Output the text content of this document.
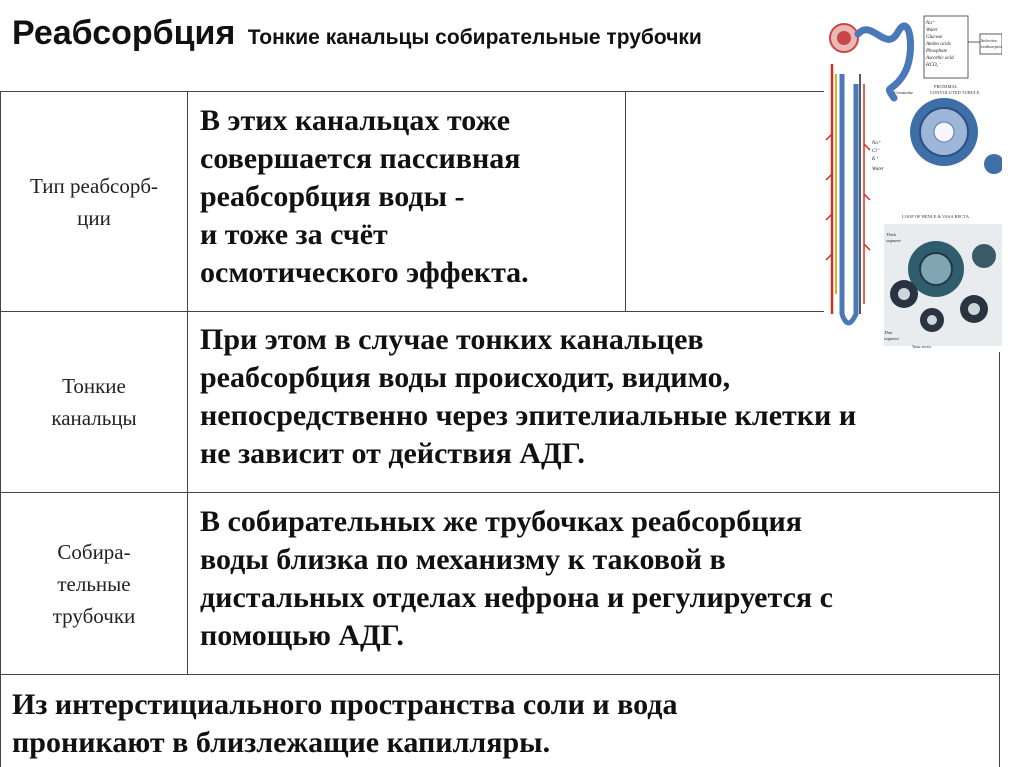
Реабсорбция Тонкие канальцы собирательные трубочки
Тип реабсорб-
ции
В этих канальцах тоже
совершается пассивная
реабсорбция воды -
и тоже за счёт
осмотического эффекта.
Тонкие
канальцы
При этом в случае тонких канальцев
реабсорбция воды происходит, видимо,
непосредственно через эпителиальные клетки и
не зависит от действия АДГ.
Собира-
тельные
трубочки
В собирательных же трубочках реабсорбция
воды близка по механизму к таковой в
дистальных отделах нефрона и регулируется с
помощью АДГ.
Из интерстициального пространства соли и вода
проникают в близлежащие капилляры.
Na⁺ Water Glucose Amino acids Phosphate Ascorbic acid HCO₃⁻
Selective reabsorption
Creatinine
PROXIMAL CONVOLUTED TUBULE
Na⁺
Cl⁻
K⁺
Water
LOOP OF HENLE & VASA RECTA
Thick segment
Thin segment
Vasa recta
